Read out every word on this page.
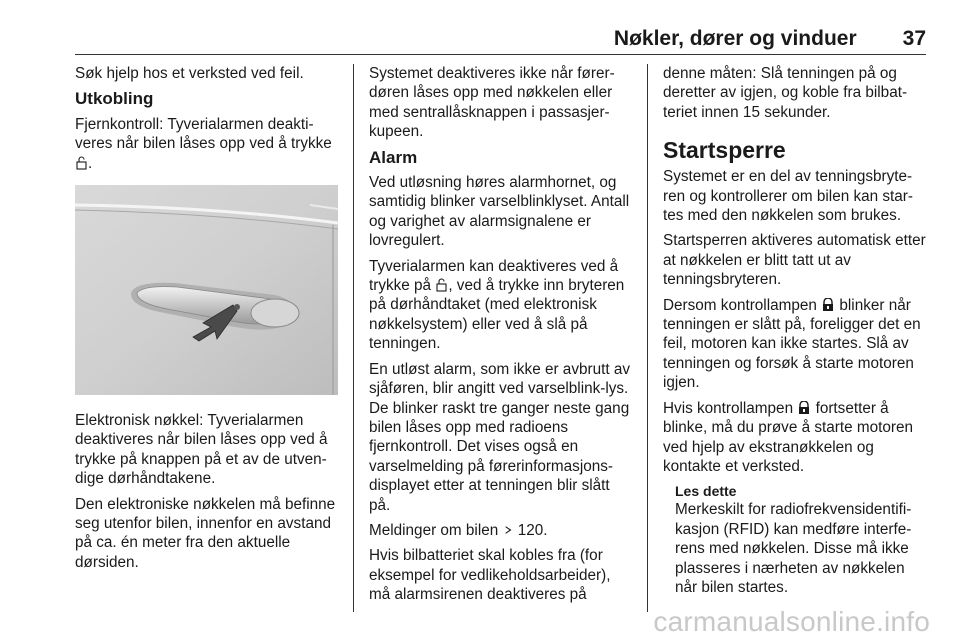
Nøkler, dører og vinduer 37

Søk hjelp hos et verksted ved feil.

Utkobling

Fjernkontroll: Tyverialarmen deakti-veres når bilen låses opp ved å trykke .

Elektronisk nøkkel: Tyverialarmen deaktiveres når bilen låses opp ved å trykke på knappen på et av de utven-dige dørhåndtakene.

Den elektroniske nøkkelen må befinne seg utenfor bilen, innenfor en avstand på ca. én meter fra den aktuelle dørsiden.

Systemet deaktiveres ikke når fører-døren låses opp med nøkkelen eller med sentrallåsknappen i passasjer-kupeen.

Alarm

Ved utløsning høres alarmhornet, og samtidig blinker varselblinklyset. Antall og varighet av alarmsignalene er lovregulert.

Tyverialarmen kan deaktiveres ved å trykke på , ved å trykke inn bryteren på dørhåndtaket (med elektronisk nøkkelsystem) eller ved å slå på tenningen.

En utløst alarm, som ikke er avbrutt av sjåføren, blir angitt ved varselblink-lys. De blinker raskt tre ganger neste gang bilen låses opp med radioens fjernkontroll. Det vises også en varselmelding på førerinformasjons-displayet etter at tenningen blir slått på.

Meldinger om bilen  120.

Hvis bilbatteriet skal kobles fra (for eksempel for vedlikeholdsarbeider), må alarmsirenen deaktiveres på

denne måten: Slå tenningen på og deretter av igjen, og koble fra bilbat-teriet innen 15 sekunder.

Startsperre

Systemet er en del av tenningsbryte-ren og kontrollerer om bilen kan star-tes med den nøkkelen som brukes.

Startsperren aktiveres automatisk etter at nøkkelen er blitt tatt ut av tenningsbryteren.

Dersom kontrollampen  blinker når tenningen er slått på, foreligger det en feil, motoren kan ikke startes. Slå av tenningen og forsøk å starte motoren igjen.

Hvis kontrollampen  fortsetter å blinke, må du prøve å starte motoren ved hjelp av ekstranøkkelen og kontakte et verksted.

Les dette

Merkeskilt for radiofrekvensidentifi-kasjon (RFID) kan medføre interfe-rens med nøkkelen. Disse må ikke plasseres i nærheten av nøkkelen når bilen startes.

carmanualsonline.info
